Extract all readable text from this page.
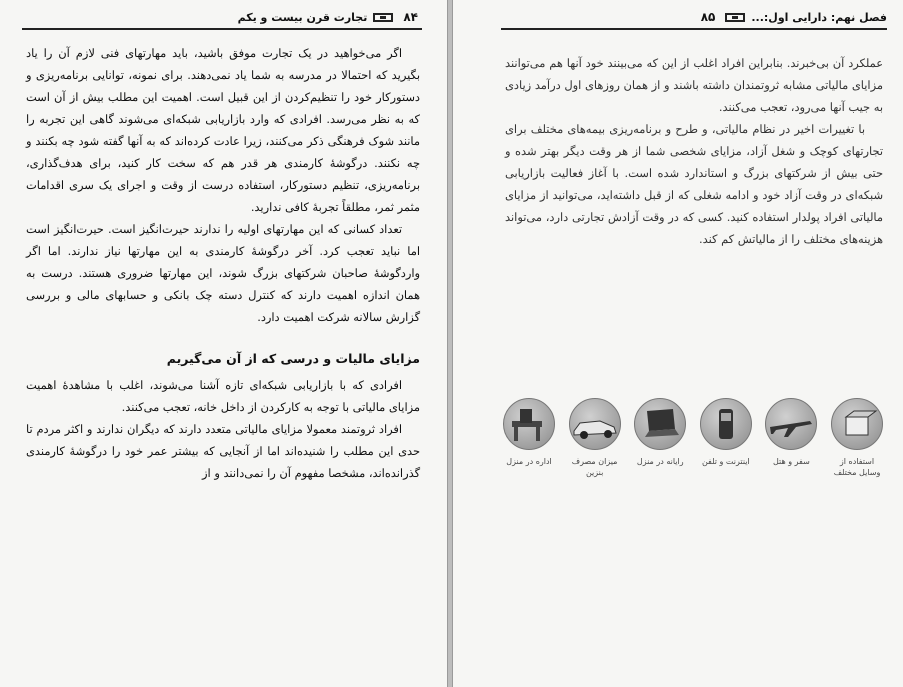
۸۴
تجارت قرن بیست و یکم

اگر می‌خواهید در یک تجارت موفق باشید، باید مهارتهای فنی لازم آن را یاد بگیرید که احتمالا در مدرسه به شما یاد نمی‌دهند. برای نمونه، توانایی برنامه‌ریزی و دستورکار خود را تنظیم‌کردن از این قبیل است. اهمیت این مطلب بیش از آن است که به نظر می‌رسد. افرادی که وارد بازاریابی شبکه‌ای می‌شوند گاهی این تجربه را مانند شوک فرهنگی ذکر می‌کنند، زیرا عادت کرده‌اند که به آنها گفته شود چه بکنند و چه نکنند. درگوشهٔ کارمندی هر قدر هم که سخت کار کنید، برای هدف‌گذاری، برنامه‌ریزی، تنظیم دستورکار، استفاده درست از وقت و اجرای یک سری اقدامات مثمر ثمر، مطلقاً تجربهٔ کافی ندارید.

تعداد کسانی که این مهارتهای اولیه را ندارند حیرت‌انگیز است. حیرت‌انگیز است اما نباید تعجب کرد. آخر درگوشهٔ کارمندی به این مهارتها نیاز ندارند. اما اگر واردگوشهٔ صاحبان شرکتهای بزرگ شوند، این مهارتها ضروری هستند. درست به همان اندازه اهمیت دارند که کنترل دسته چک بانکی و حسابهای مالی و بررسی گزارش سالانه شرکت اهمیت دارد.

مزایای مالیات و درسی که از آن می‌گیریم

افرادی که با بازاریابی شبکه‌ای تازه آشنا می‌شوند، اغلب با مشاهدهٔ اهمیت مزایای مالیاتی با توجه به کارکردن از داخل خانه، تعجب می‌کنند.

افراد ثروتمند معمولا مزایای مالیاتی متعدد دارند که دیگران ندارند و اکثر مردم تا حدی این مطلب را شنیده‌اند اما از آنجایی که بیشتر عمر خود را درگوشهٔ کارمندی گذرانده‌اند، مشخصا مفهوم آن را نمی‌دانند و از

فصل نهم: دارایی اول:...
۸۵

عملکرد آن بی‌خبرند. بنابراین افراد اغلب از این که می‌بینند خود آنها هم می‌توانند مزایای مالیاتی مشابه ثروتمندان داشته باشند و از همان روزهای اول درآمد زیادی به جیب آنها می‌رود، تعجب می‌کنند.

با تغییرات اخیر در نظام مالیاتی، و طرح و برنامه‌ریزی بیمه‌های مختلف برای تجارتهای کوچک و شغل آزاد، مزایای شخصی شما از هر وقت دیگر بهتر شده و حتی بیش از شرکتهای بزرگ و استاندارد شده است. با آغاز فعالیت بازاریابی شبکه‌ای در وقت آزاد خود و ادامه شغلی که از قبل داشته‌اید، می‌توانید از مزایای مالیاتی افراد پولدار استفاده کنید. کسی که در وقت آزادش تجارتی دارد، می‌تواند هزینه‌های مختلف را از مالیاتش کم کند.

استفاده از وسایل مختلف
سفر و هتل
اینترنت و تلفن
رایانه در منزل
میزان مصرف بنزین
اداره در منزل
